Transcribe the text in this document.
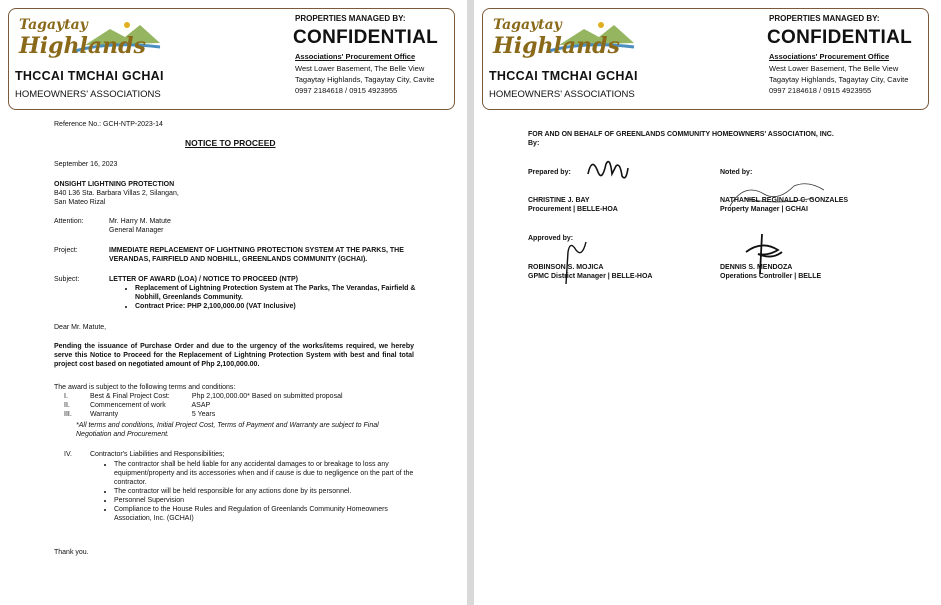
Tagaytay
Highlands
THCCAI TMCHAI GCHAI
HOMEOWNERS' ASSOCIATIONS
PROPERTIES MANAGED BY:
CONFIDENTIAL
Associations' Procurement Office
West Lower Basement, The Belle View
Tagaytay Highlands, Tagaytay City, Cavite
0997 2184618 / 0915 4923955
Reference No.: GCH-NTP-2023-14
NOTICE TO PROCEED
September 16, 2023
ONSIGHT LIGHTNING PROTECTION
B40 L36 Sta. Barbara Villas 2, Silangan,
San Mateo Rizal
Attention:	Mr. Harry M. Matute
General Manager
Project:	IMMEDIATE REPLACEMENT OF LIGHTNING PROTECTION SYSTEM AT THE PARKS, THE VERANDAS, FAIRFIELD AND NOBHILL, GREENLANDS COMMUNITY (GCHAI).
Subject:	LETTER OF AWARD (LOA) / NOTICE TO PROCEED (NTP)
• Replacement of Lightning Protection System at The Parks, The Verandas, Fairfield & Nobhill, Greenlands Community.
• Contract Price: PHP 2,100,000.00 (VAT Inclusive)
Dear Mr. Matute,
Pending the issuance of Purchase Order and due to the urgency of the works/items required, we hereby serve this Notice to Proceed for the Replacement of Lightning Protection System with best and final total project cost based on negotiated amount of Php 2,100,000.00.
The award is subject to the following terms and conditions:
I.	Best & Final Project Cost:	Php 2,100,000.00* Based on submitted proposal
II.	Commencement of work	ASAP
III.	Warranty	5 Years
*All terms and conditions, Initial Project Cost, Terms of Payment and Warranty are subject to Final Negotiation and Procurement.
IV.	Contractor's Liabilities and Responsibilities;
• The contractor shall be held liable for any accidental damages to or breakage to loss any equipment/property and its accessories when and if cause is due to negligence on the part of the contractor.
• The contractor will be held responsible for any actions done by its personnel.
• Personnel Supervision
• Compliance to the House Rules and Regulation of Greenlands Community Homeowners Association, Inc. (GCHAI)
Thank you.
Tagaytay
Highlands
THCCAI TMCHAI GCHAI
HOMEOWNERS' ASSOCIATIONS
PROPERTIES MANAGED BY:
CONFIDENTIAL
Associations' Procurement Office
West Lower Basement, The Belle View
Tagaytay Highlands, Tagaytay City, Cavite
0997 2184618 / 0915 4923955
FOR AND ON BEHALF OF GREENLANDS COMMUNITY HOMEOWNERS' ASSOCIATION, INC.
By:
Prepared by:	Noted by:
CHRISTINE J. BAY
Procurement | BELLE-HOA
NATHANIEL REGINALD C. GONZALES
Property Manager | GCHAI
Approved by:
ROBINSON S. MOJICA
GPMC District Manager | BELLE-HOA
DENNIS S. MENDOZA
Operations Controller | BELLE
